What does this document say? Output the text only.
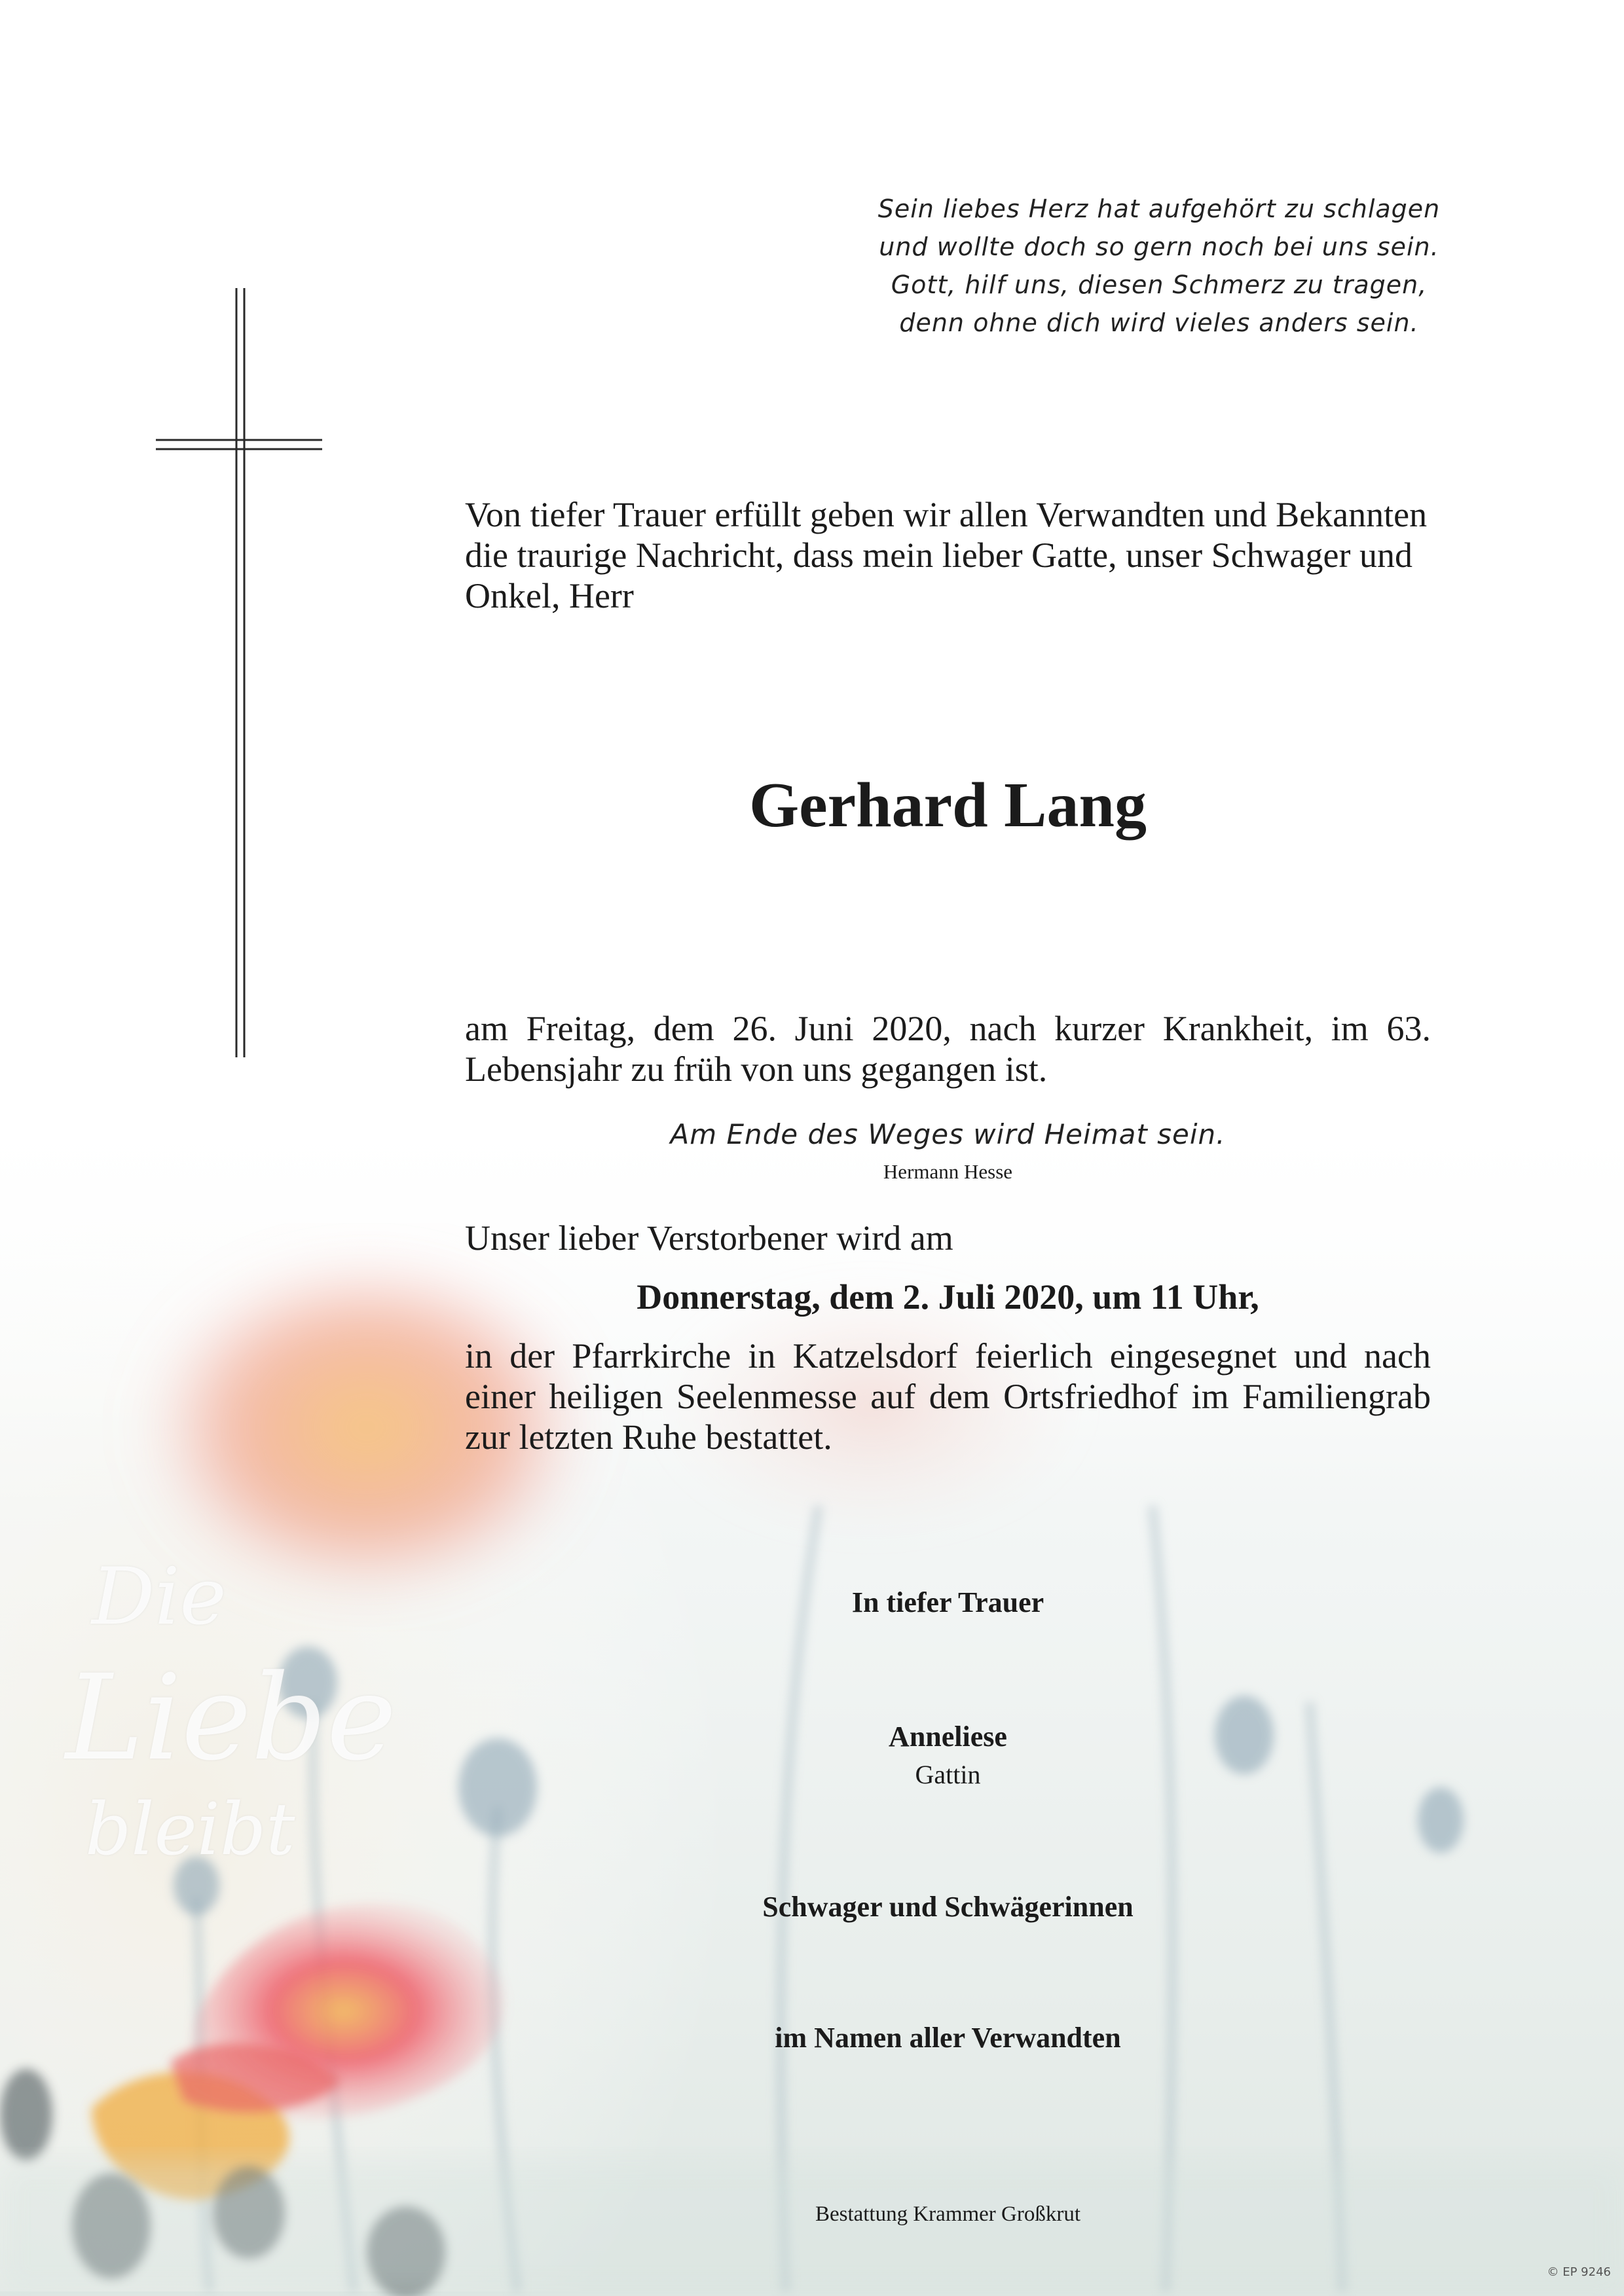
Die
Liebe
bleibt
Sein liebes Herz hat aufgehört zu schlagen
und wollte doch so gern noch bei uns sein.
Gott, hilf uns, diesen Schmerz zu tragen,
denn ohne dich wird vieles anders sein.
Von tiefer Trauer erfüllt geben wir allen Verwandten und Bekannten die traurige Nachricht, dass mein lieber Gatte, unser Schwager und Onkel, Herr
Gerhard Lang
am Freitag, dem 26. Juni 2020, nach kurzer Krankheit, im 63. Lebensjahr zu früh von uns gegangen ist.
Am Ende des Weges wird Heimat sein.
Hermann Hesse
Unser lieber Verstorbener wird am
Donnerstag, dem 2. Juli 2020, um 11 Uhr,
in der Pfarrkirche in Katzelsdorf feierlich eingesegnet und nach einer heiligen Seelenmesse auf dem Ortsfriedhof im Familiengrab zur letzten Ruhe bestattet.
In tiefer Trauer
Anneliese
Gattin
Schwager und Schwägerinnen
im Namen aller Verwandten
Bestattung Krammer Großkrut
© EP 9246
